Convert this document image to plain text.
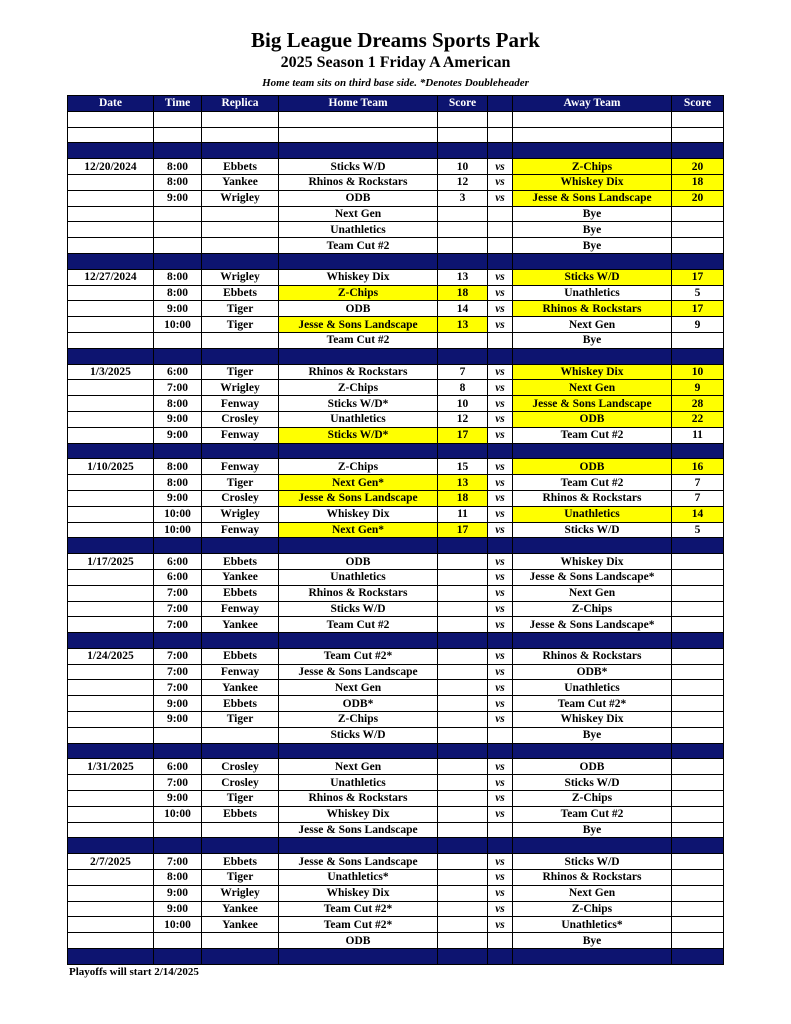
Big League Dreams Sports Park
2025 Season 1 Friday A American
Home team sits on third base side. *Denotes Doubleheader
Date	Time	Replica	Home Team	Score		Away Team	Score

12/20/2024	8:00	Ebbets	Sticks W/D	10	vs	Z-Chips	20
	8:00	Yankee	Rhinos & Rockstars	12	vs	Whiskey Dix	18
	9:00	Wrigley	ODB	3	vs	Jesse & Sons Landscape	20
			Next Gen			Bye	
			Unathletics			Bye	
			Team Cut #2			Bye	

12/27/2024	8:00	Wrigley	Whiskey Dix	13	vs	Sticks W/D	17
	8:00	Ebbets	Z-Chips	18	vs	Unathletics	5
	9:00	Tiger	ODB	14	vs	Rhinos & Rockstars	17
	10:00	Tiger	Jesse & Sons Landscape	13	vs	Next Gen	9
			Team Cut #2			Bye	

1/3/2025	6:00	Tiger	Rhinos & Rockstars	7	vs	Whiskey Dix	10
	7:00	Wrigley	Z-Chips	8	vs	Next Gen	9
	8:00	Fenway	Sticks W/D*	10	vs	Jesse & Sons Landscape	28
	9:00	Crosley	Unathletics	12	vs	ODB	22
	9:00	Fenway	Sticks W/D*	17	vs	Team Cut #2	11

1/10/2025	8:00	Fenway	Z-Chips	15	vs	ODB	16
	8:00	Tiger	Next Gen*	13	vs	Team Cut #2	7
	9:00	Crosley	Jesse & Sons Landscape	18	vs	Rhinos & Rockstars	7
	10:00	Wrigley	Whiskey Dix	11	vs	Unathletics	14
	10:00	Fenway	Next Gen*	17	vs	Sticks W/D	5

1/17/2025	6:00	Ebbets	ODB		vs	Whiskey Dix	
	6:00	Yankee	Unathletics		vs	Jesse & Sons Landscape*	
	7:00	Ebbets	Rhinos & Rockstars		vs	Next Gen	
	7:00	Fenway	Sticks W/D		vs	Z-Chips	
	7:00	Yankee	Team Cut #2		vs	Jesse & Sons Landscape*	

1/24/2025	7:00	Ebbets	Team Cut #2*		vs	Rhinos & Rockstars	
	7:00	Fenway	Jesse & Sons Landscape		vs	ODB*	
	7:00	Yankee	Next Gen		vs	Unathletics	
	9:00	Ebbets	ODB*		vs	Team Cut #2*	
	9:00	Tiger	Z-Chips		vs	Whiskey Dix	
			Sticks W/D			Bye	

1/31/2025	6:00	Crosley	Next Gen		vs	ODB	
	7:00	Crosley	Unathletics		vs	Sticks W/D	
	9:00	Tiger	Rhinos & Rockstars		vs	Z-Chips	
	10:00	Ebbets	Whiskey Dix		vs	Team Cut #2	
			Jesse & Sons Landscape			Bye	

2/7/2025	7:00	Ebbets	Jesse & Sons Landscape		vs	Sticks W/D	
	8:00	Tiger	Unathletics*		vs	Rhinos & Rockstars	
	9:00	Wrigley	Whiskey Dix		vs	Next Gen	
	9:00	Yankee	Team Cut #2*		vs	Z-Chips	
	10:00	Yankee	Team Cut #2*		vs	Unathletics*	
			ODB			Bye	

Playoffs will start 2/14/2025
